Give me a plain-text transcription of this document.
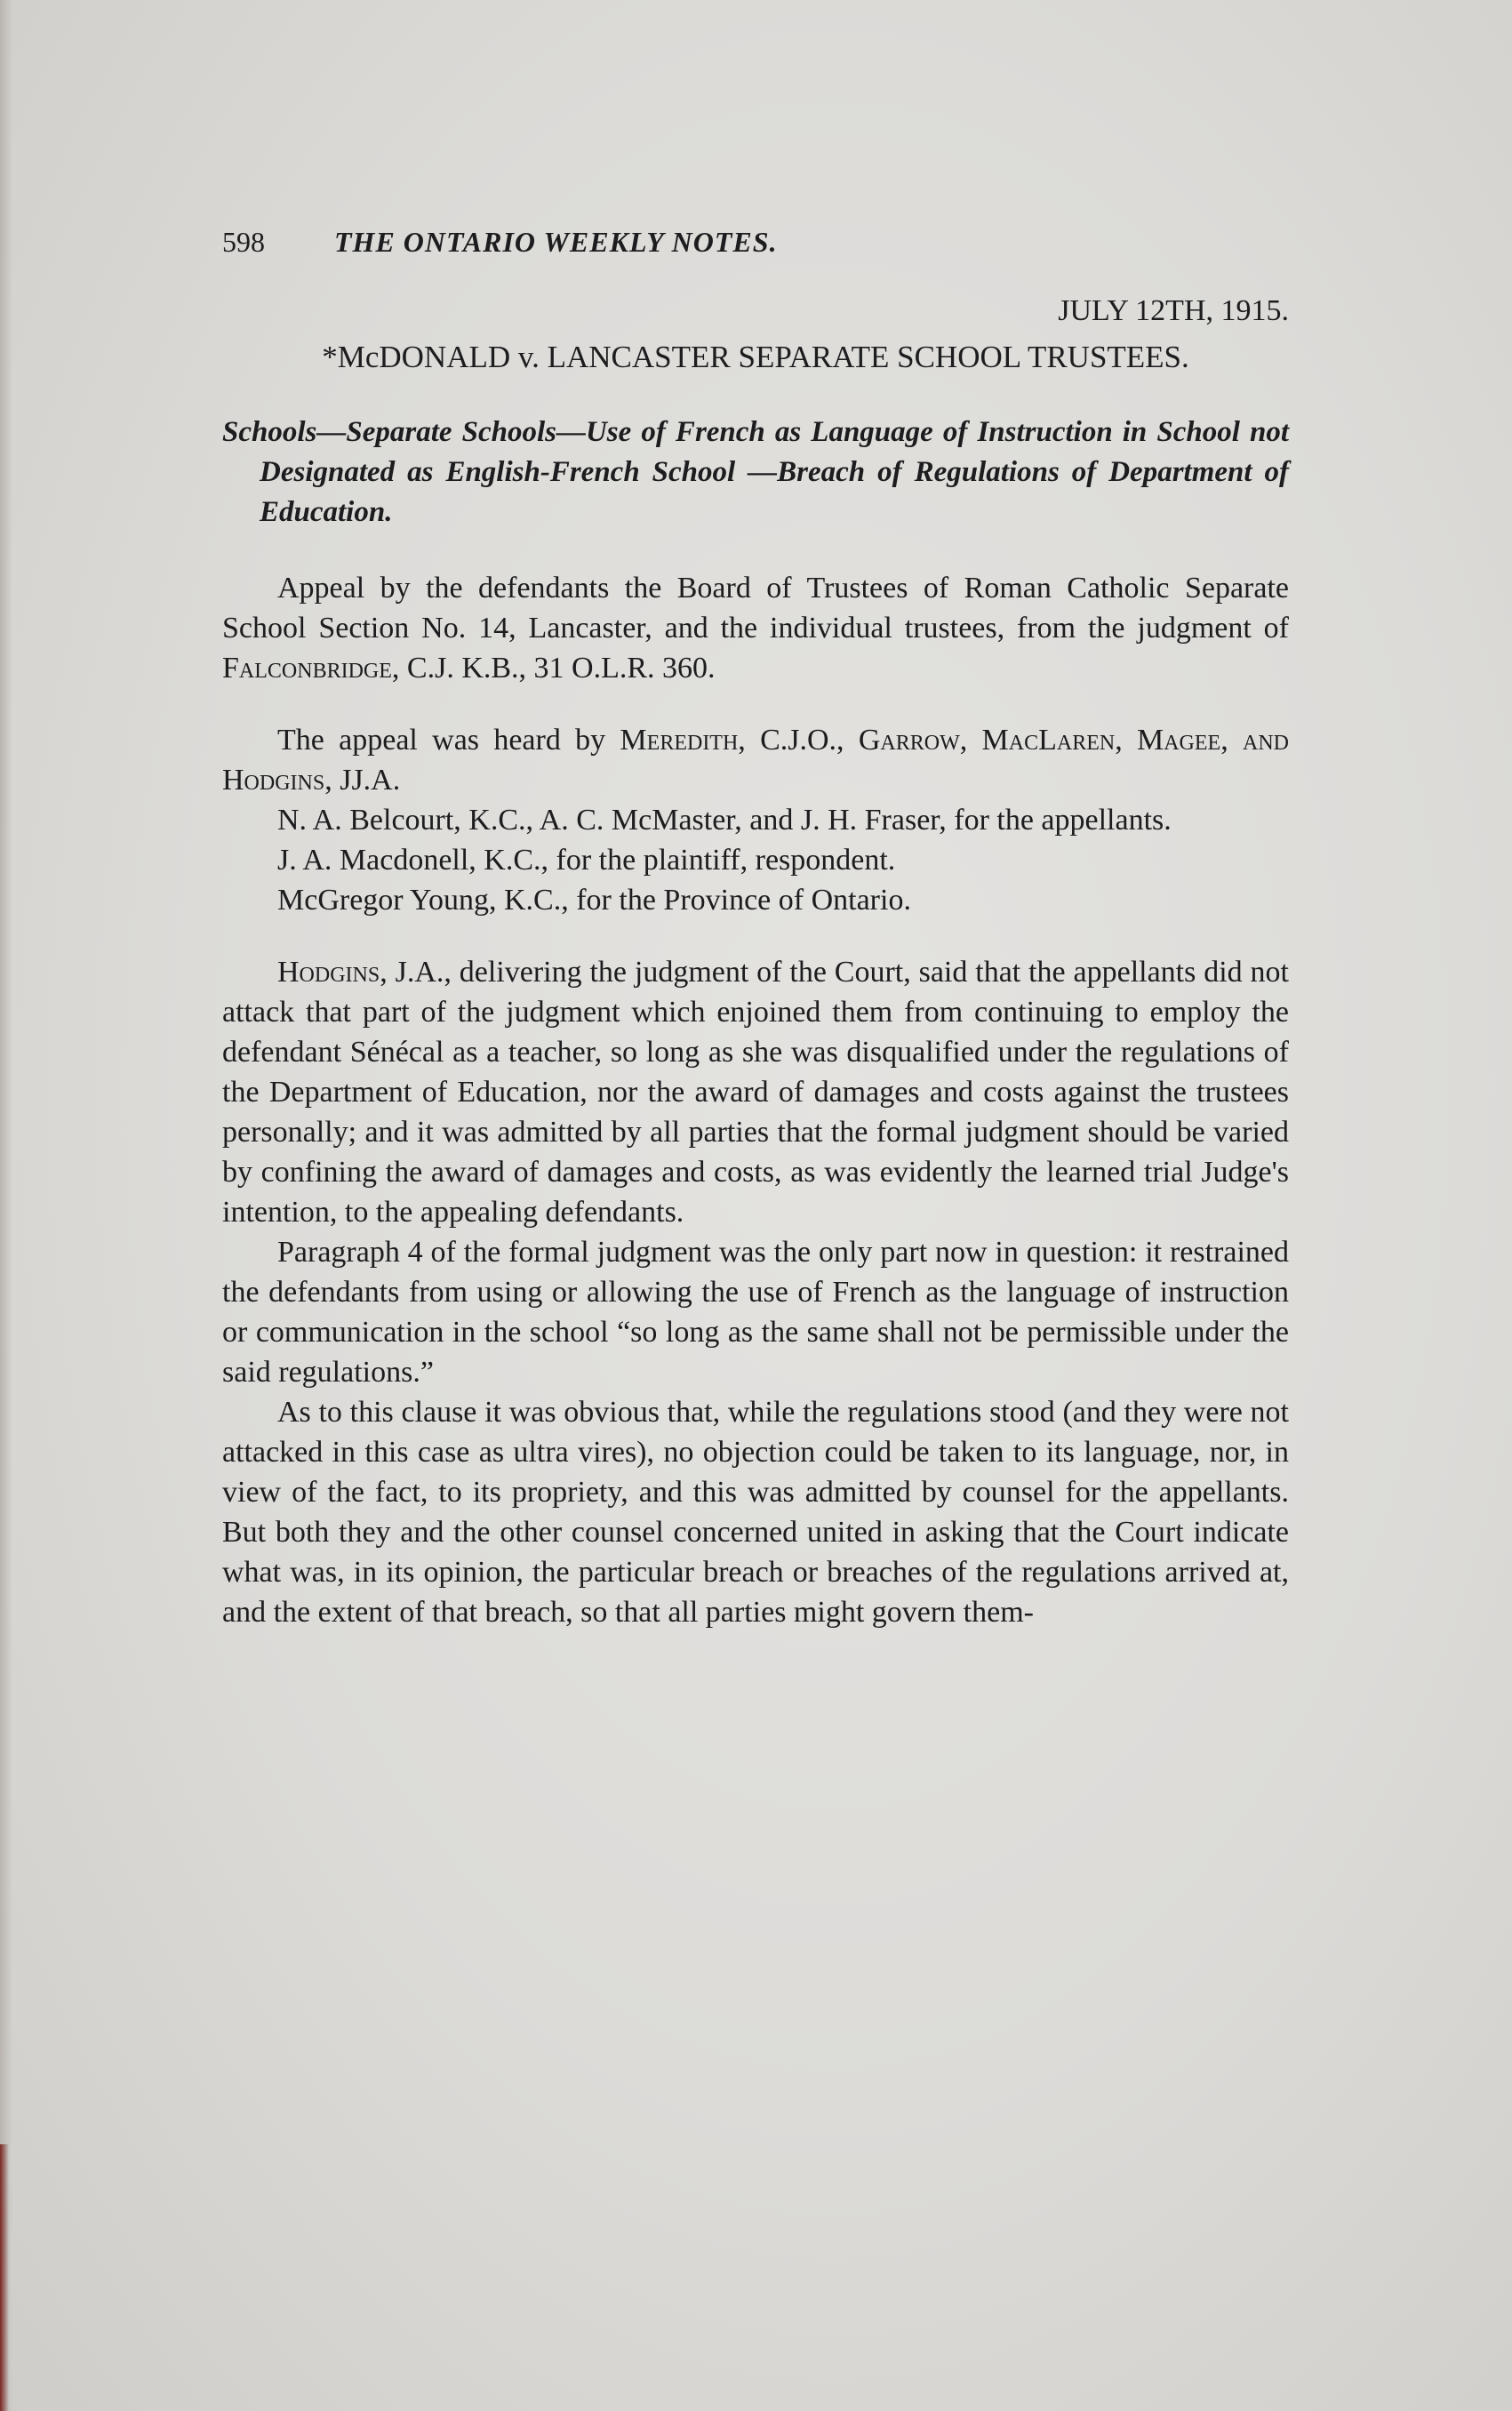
598	THE ONTARIO WEEKLY NOTES.
JULY 12TH, 1915.
*McDONALD v. LANCASTER SEPARATE SCHOOL TRUSTEES.

Schools—Separate Schools—Use of French as Language of Instruction in School not Designated as English-French School —Breach of Regulations of Department of Education.

Appeal by the defendants the Board of Trustees of Roman Catholic Separate School Section No. 14, Lancaster, and the individual trustees, from the judgment of Falconbridge, C.J. K.B., 31 O.L.R. 360.

The appeal was heard by Meredith, C.J.O., Garrow, MacLaren, Magee, and Hodgins, JJ.A.

N. A. Belcourt, K.C., A. C. McMaster, and J. H. Fraser, for the appellants.

J. A. Macdonell, K.C., for the plaintiff, respondent.

McGregor Young, K.C., for the Province of Ontario.

Hodgins, J.A., delivering the judgment of the Court, said that the appellants did not attack that part of the judgment which enjoined them from continuing to employ the defendant Sénécal as a teacher, so long as she was disqualified under the regulations of the Department of Education, nor the award of damages and costs against the trustees personally; and it was admitted by all parties that the formal judgment should be varied by confining the award of damages and costs, as was evidently the learned trial Judge's intention, to the appealing defendants.

Paragraph 4 of the formal judgment was the only part now in question: it restrained the defendants from using or allowing the use of French as the language of instruction or communication in the school “so long as the same shall not be permissible under the said regulations.”

As to this clause it was obvious that, while the regulations stood (and they were not attacked in this case as ultra vires), no objection could be taken to its language, nor, in view of the fact, to its propriety, and this was admitted by counsel for the appellants. But both they and the other counsel concerned united in asking that the Court indicate what was, in its opinion, the particular breach or breaches of the regulations arrived at, and the extent of that breach, so that all parties might govern them-
